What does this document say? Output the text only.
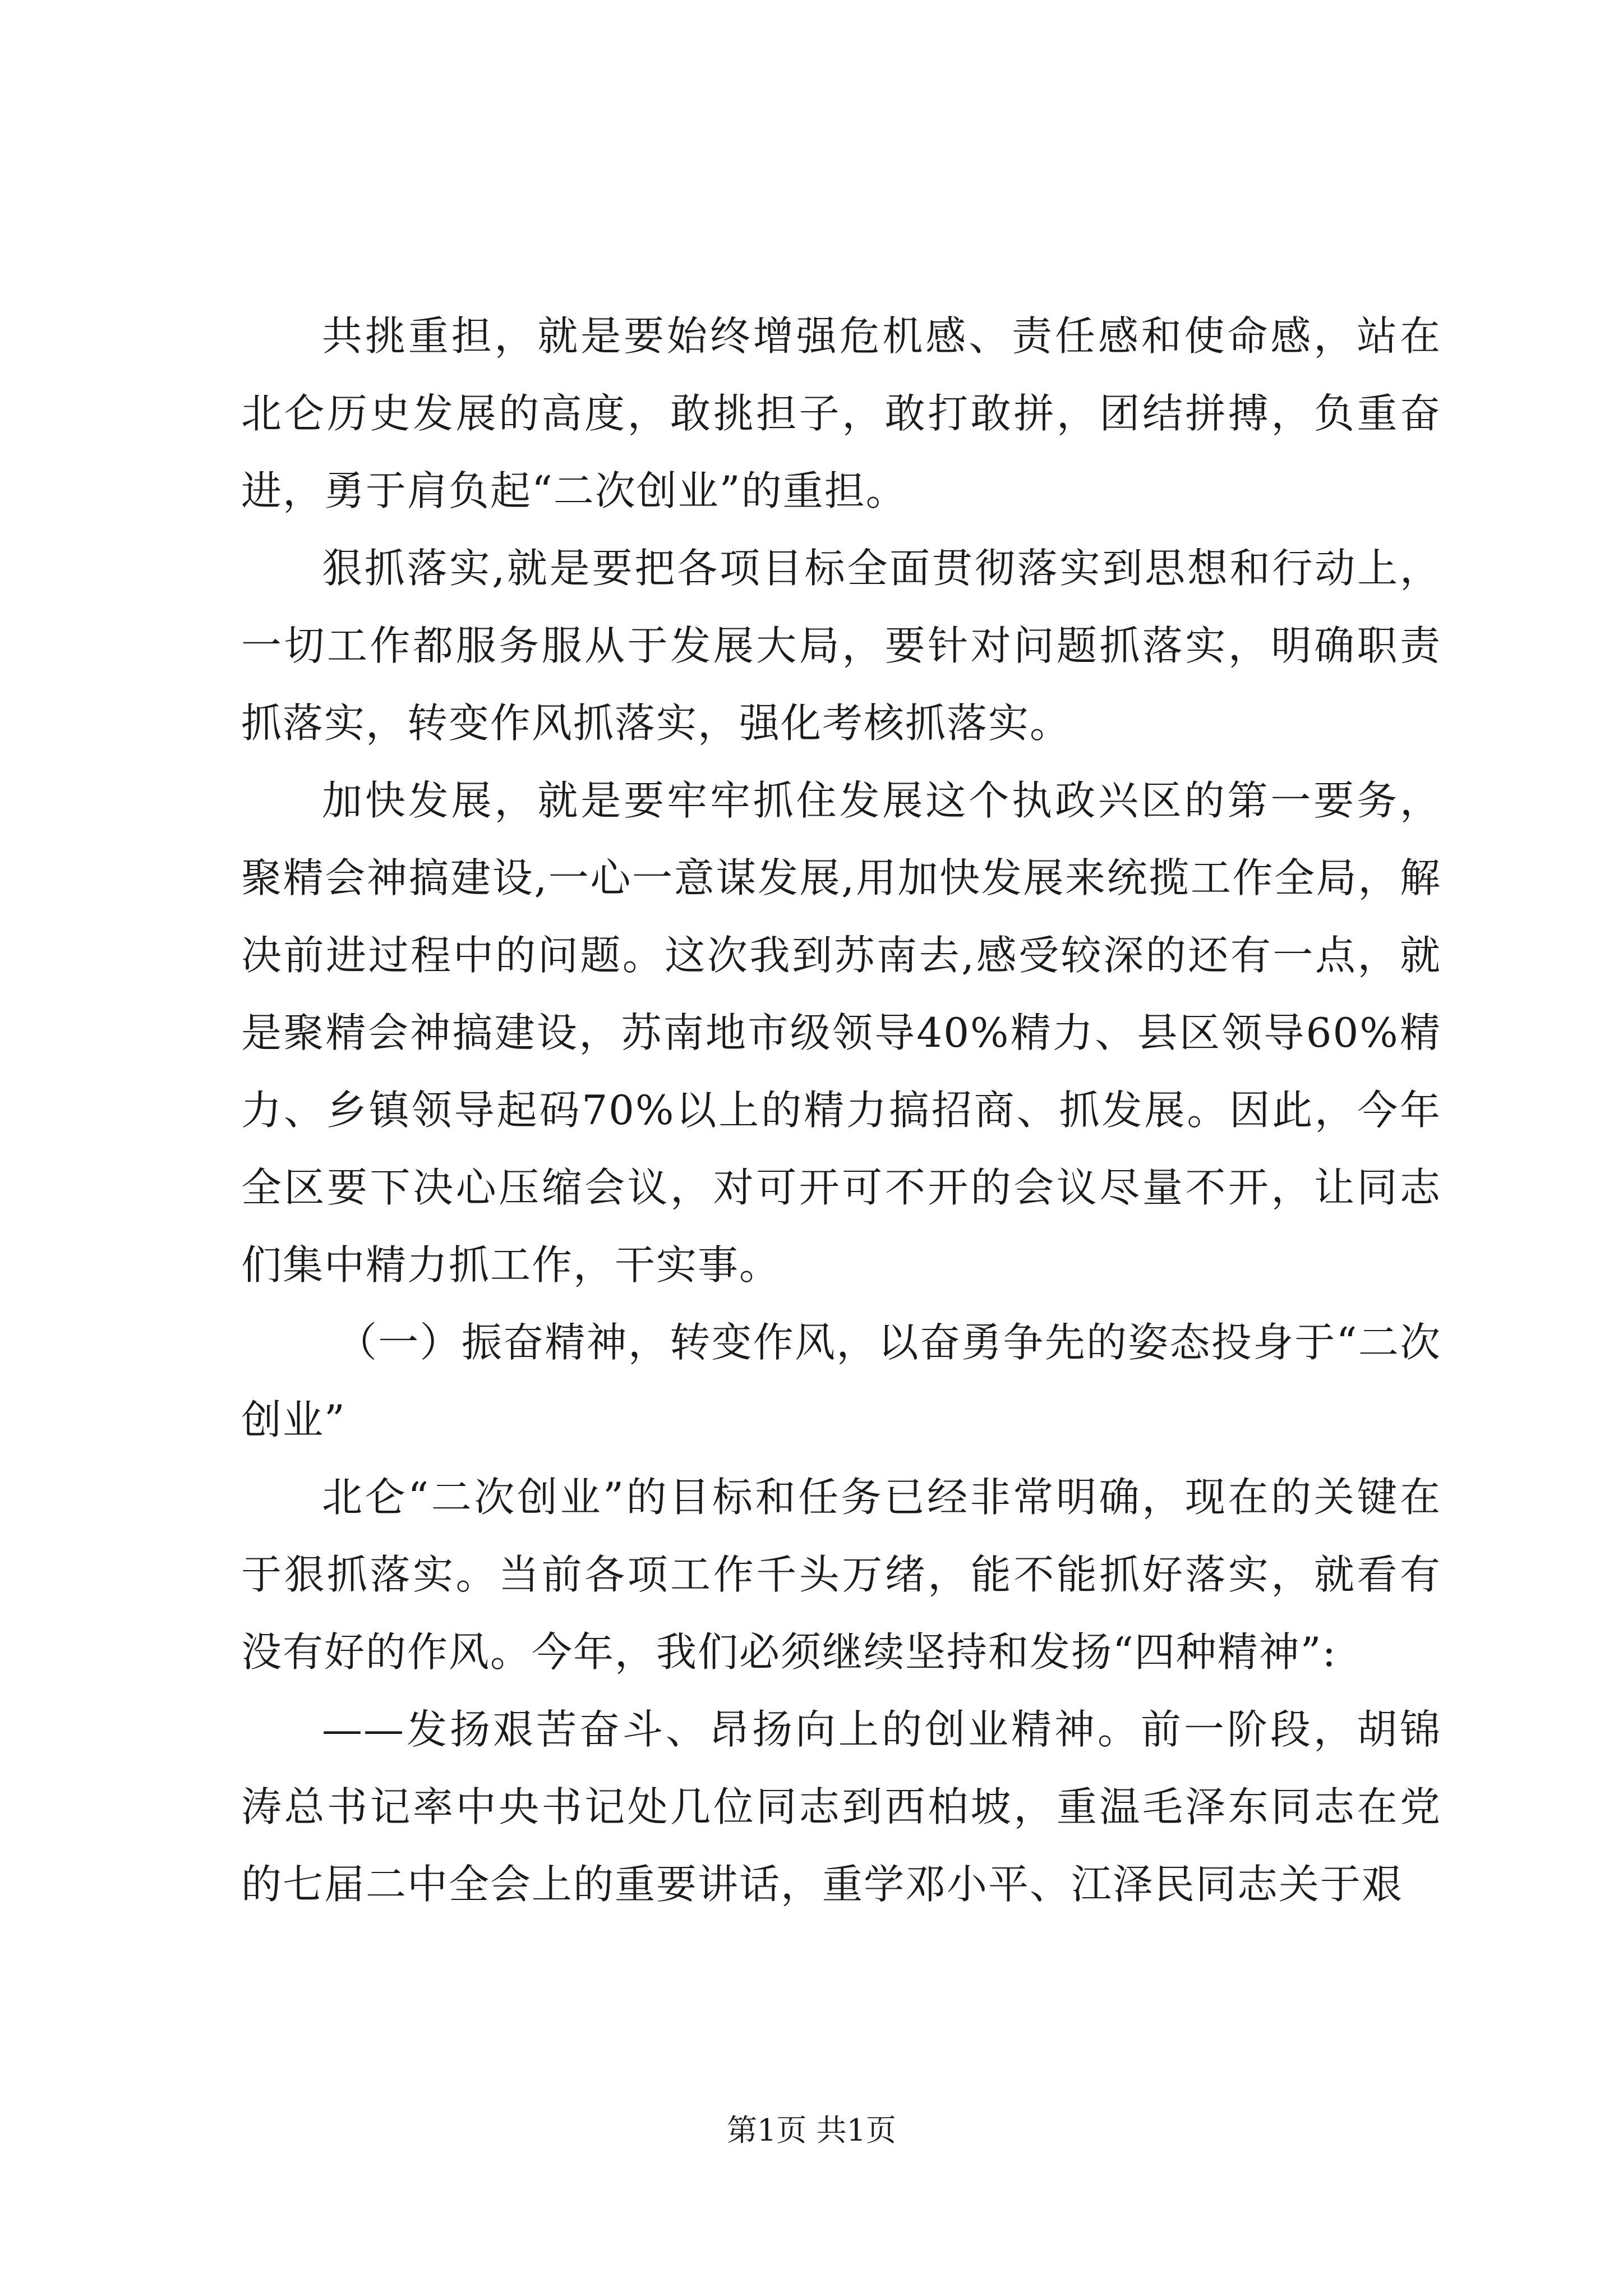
共挑重担，就是要始终增强危机感、责任感和使命感，站在北仑历史发展的高度，敢挑担子，敢打敢拼，团结拼搏，负重奋进，勇于肩负起“二次创业”的重担。

狠抓落实,就是要把各项目标全面贯彻落实到思想和行动上，一切工作都服务服从于发展大局，要针对问题抓落实，明确职责抓落实，转变作风抓落实，强化考核抓落实。

加快发展，就是要牢牢抓住发展这个执政兴区的第一要务，聚精会神搞建设,一心一意谋发展,用加快发展来统揽工作全局，解决前进过程中的问题。这次我到苏南去,感受较深的还有一点，就是聚精会神搞建设，苏南地市级领导40%精力、县区领导60%精力、乡镇领导起码70%以上的精力搞招商、抓发展。因此，今年全区要下决心压缩会议，对可开可不开的会议尽量不开，让同志们集中精力抓工作，干实事。

（一）振奋精神，转变作风，以奋勇争先的姿态投身于“二次创业”

北仑“二次创业”的目标和任务已经非常明确，现在的关键在于狠抓落实。当前各项工作千头万绪，能不能抓好落实，就看有没有好的作风。今年，我们必须继续坚持和发扬“四种精神”:

——发扬艰苦奋斗、昂扬向上的创业精神。前一阶段，胡锦涛总书记率中央书记处几位同志到西柏坡，重温毛泽东同志在党的七届二中全会上的重要讲话，重学邓小平、江泽民同志关于艰

第1页 共1页
